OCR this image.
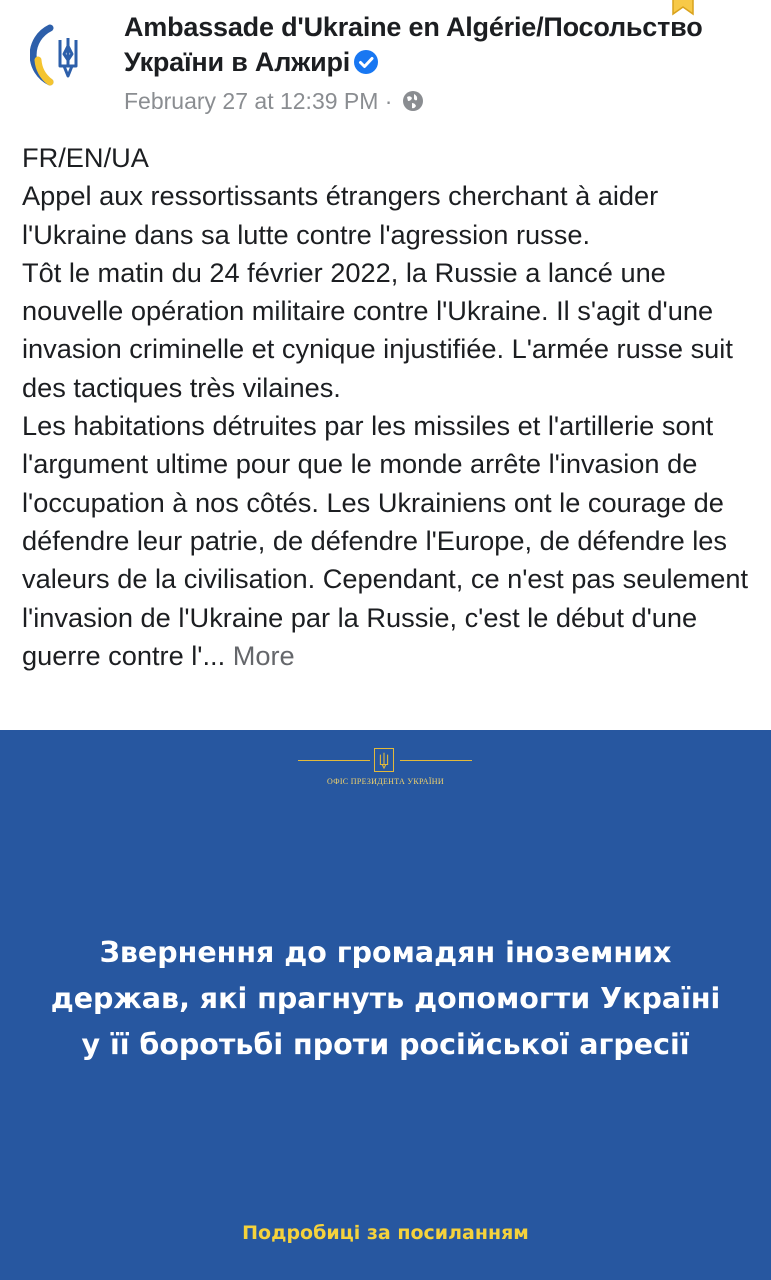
Ambassade d'Ukraine en Algérie/Посольство України в Алжирі
February 27 at 12:39 PM ·

FR/EN/UA

Appel aux ressortissants étrangers cherchant à aider l'Ukraine dans sa lutte contre l'agression russe.

Tôt le matin du 24 février 2022, la Russie a lancé une nouvelle opération militaire contre l'Ukraine. Il s'agit d'une invasion criminelle et cynique injustifiée. L'armée russe suit des tactiques très vilaines.

Les habitations détruites par les missiles et l'artillerie sont l'argument ultime pour que le monde arrête l'invasion de l'occupation à nos côtés. Les Ukrainiens ont le courage de défendre leur patrie, de défendre l'Europe, de défendre les valeurs de la civilisation. Cependant, ce n'est pas seulement l'invasion de l'Ukraine par la Russie, c'est le début d'une guerre contre l'... More

ОФІС ПРЕЗИДЕНТА УКРАЇНИ
Звернення до громадян іноземних
держав, які прагнуть допомогти Україні
у її боротьбі проти російської агресії
Подробиці за посиланням
